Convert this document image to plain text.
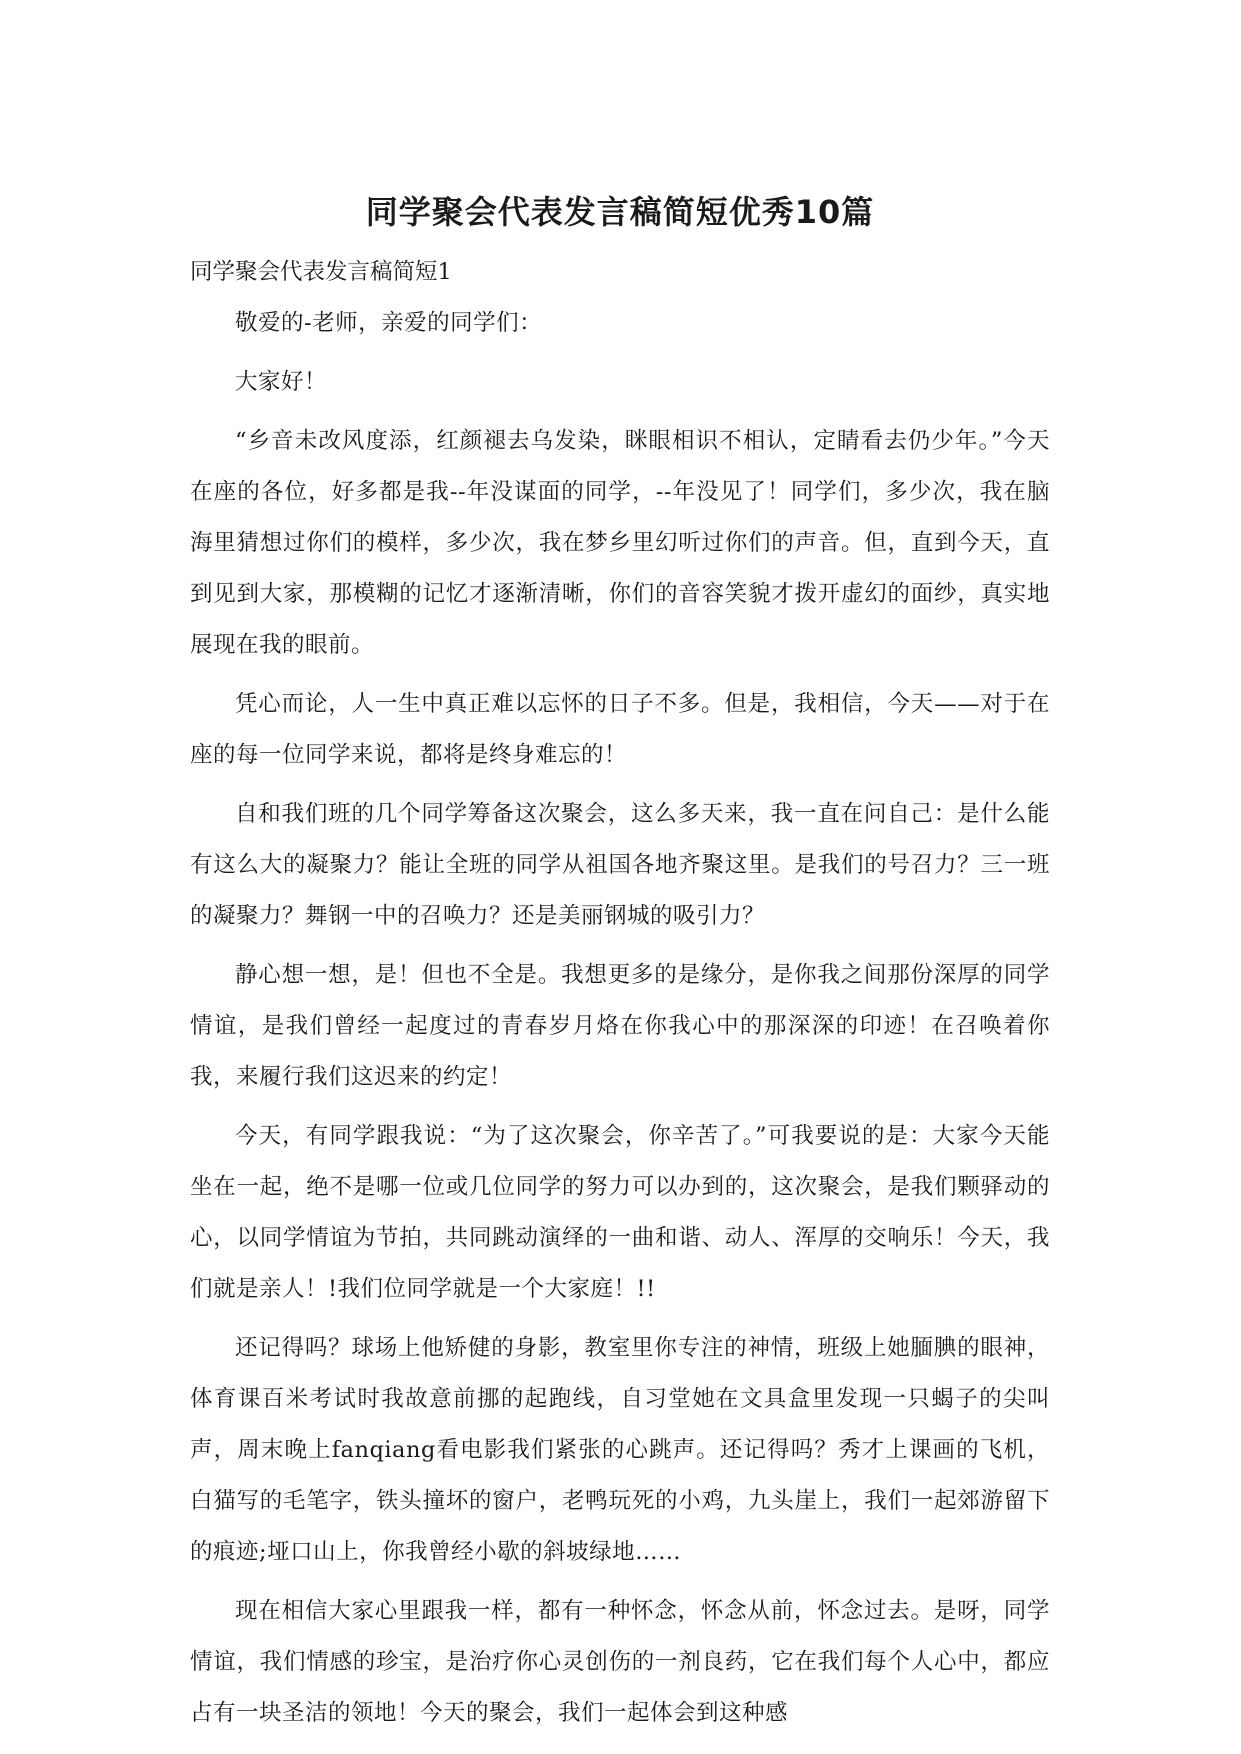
同学聚会代表发言稿简短优秀10篇
同学聚会代表发言稿简短1

敬爱的-老师，亲爱的同学们：

大家好！

“乡音未改风度添，红颜褪去乌发染，眯眼相识不相认，定睛看去仍少年。”今天在座的各位，好多都是我--年没谋面的同学，--年没见了！同学们，多少次，我在脑海里猜想过你们的模样，多少次，我在梦乡里幻听过你们的声音。但，直到今天，直到见到大家，那模糊的记忆才逐渐清晰，你们的音容笑貌才拨开虚幻的面纱，真实地展现在我的眼前。

凭心而论，人一生中真正难以忘怀的日子不多。但是，我相信，今天——对于在座的每一位同学来说，都将是终身难忘的！

自和我们班的几个同学筹备这次聚会，这么多天来，我一直在问自己：是什么能有这么大的凝聚力？能让全班的同学从祖国各地齐聚这里。是我们的号召力？三一班的凝聚力？舞钢一中的召唤力？还是美丽钢城的吸引力？

静心想一想，是！但也不全是。我想更多的是缘分，是你我之间那份深厚的同学情谊，是我们曾经一起度过的青春岁月烙在你我心中的那深深的印迹！在召唤着你我，来履行我们这迟来的约定！

今天，有同学跟我说：“为了这次聚会，你辛苦了。”可我要说的是：大家今天能坐在一起，绝不是哪一位或几位同学的努力可以办到的，这次聚会，是我们颗驿动的心，以同学情谊为节拍，共同跳动演绎的一曲和谐、动人、浑厚的交响乐！今天，我们就是亲人！!我们位同学就是一个大家庭！!!

还记得吗？球场上他矫健的身影，教室里你专注的神情，班级上她腼腆的眼神，体育课百米考试时我故意前挪的起跑线，自习堂她在文具盒里发现一只蝎子的尖叫声，周末晚上fanqiang看电影我们紧张的心跳声。还记得吗？秀才上课画的飞机，白猫写的毛笔字，铁头撞坏的窗户，老鸭玩死的小鸡，九头崖上，我们一起郊游留下的痕迹;垭口山上，你我曾经小歇的斜坡绿地……

现在相信大家心里跟我一样，都有一种怀念，怀念从前，怀念过去。是呀，同学情谊，我们情感的珍宝，是治疗你心灵创伤的一剂良药，它在我们每个人心中，都应占有一块圣洁的领地！今天的聚会，我们一起体会到这种感
